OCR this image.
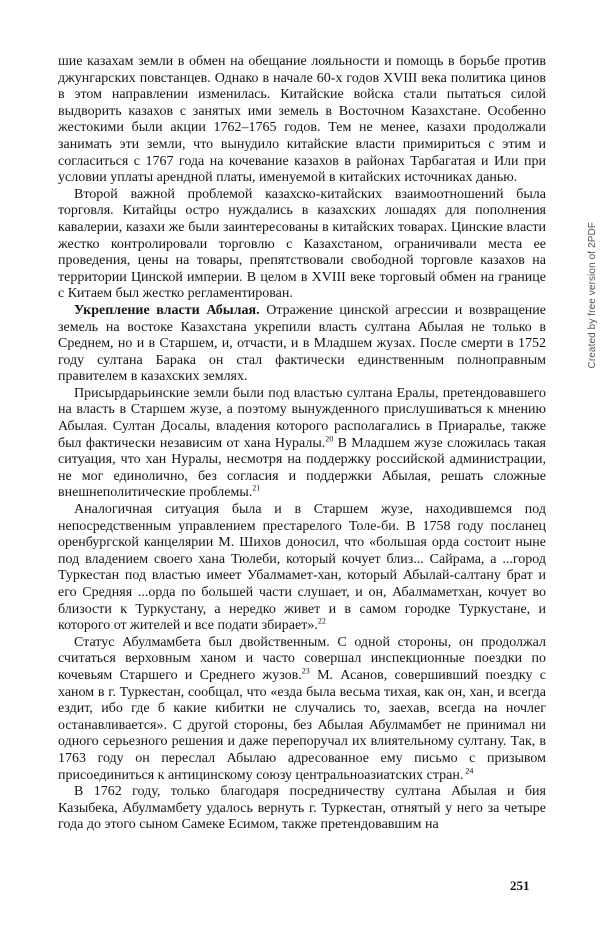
шие казахам земли в обмен на обещание лояльности и помощь в борьбе против джунгарских повстанцев. Однако в начале 60-х годов XVIII века политика цинов в этом направлении изменилась. Китайские войска стали пытаться силой выдворить казахов с занятых ими земель в Восточном Казахстане. Особенно жестокими были акции 1762–1765 годов. Тем не менее, казахи продолжали занимать эти земли, что вынудило китайские власти примириться с этим и согласиться с 1767 года на кочевание казахов в районах Тарбагатая и Или при условии уплаты арендной платы, именуемой в китайских источниках данью.

Второй важной проблемой казахско-китайских взаимоотношений была торговля. Китайцы остро нуждались в казахских лошадях для пополнения кавалерии, казахи же были заинтересованы в китайских товарах. Цинские власти жестко контролировали торговлю с Казахстаном, ограничивали места ее проведения, цены на товары, препятствовали свободной торговле казахов на территории Цинской империи. В целом в XVIII веке торговый обмен на границе с Китаем был жестко регламентирован.

Укрепление власти Абылая. Отражение цинской агрессии и возвращение земель на востоке Казахстана укрепили власть султана Абылая не только в Среднем, но и в Старшем, и, отчасти, и в Младшем жузах. После смерти в 1752 году султана Барака он стал фактически единственным полноправным правителем в казахских землях.

Присырдарьинские земли были под властью султана Ералы, претендовавшего на власть в Старшем жузе, а поэтому вынужденного прислушиваться к мнению Абылая. Султан Досалы, владения которого располагались в Приаралье, также был фактически независим от хана Нуралы.$^{20}$ В Младшем жузе сложилась такая ситуация, что хан Нуралы, несмотря на поддержку российской администрации, не мог единолично, без согласия и поддержки Абылая, решать сложные внешнеполитические проблемы.$^{21}$

Аналогичная ситуация была и в Старшем жузе, находившемся под непосредственным управлением престарелого Толе-би. В 1758 году посланец оренбургской канцелярии М. Шихов доносил, что «большая орда состоит ныне под владением своего хана Тюлеби, который кочует близ... Сайрама, а ...город Туркестан под властью имеет Убалмамет-хан, который Абылай-салтану брат и его Средняя ...орда по большей части слушает, и он, Абалмаметхан, кочует во близости к Туркустану, а нередко живет и в самом городке Туркустане, и которого от жителей и все подати збирает».$^{22}$

Статус Абулмамбета был двойственным. С одной стороны, он продолжал считаться верховным ханом и часто совершал инспекционные поездки по кочевьям Старшего и Среднего жузов.$^{23}$ М. Асанов, совершивший поездку с ханом в г. Туркестан, сообщал, что «езда была весьма тихая, как он, хан, и всегда ездит, ибо где б какие кибитки не случались то, заехав, всегда на ночлег останавливается». С другой стороны, без Абылая Абулмамбет не принимал ни одного серьезного решения и даже перепоручал их влиятельному султану. Так, в 1763 году он переслал Абылаю адресованное ему письмо с призывом присоединиться к антицинскому союзу центральноазиатских стран. $^{24}$

В 1762 году, только благодаря посредничеству султана Абылая и бия Казыбека, Абулмамбету удалось вернуть г. Туркестан, отнятый у него за четыре года до этого сыном Самеке Есимом, также претендовавшим на

Created by free version of 2PDF
251
